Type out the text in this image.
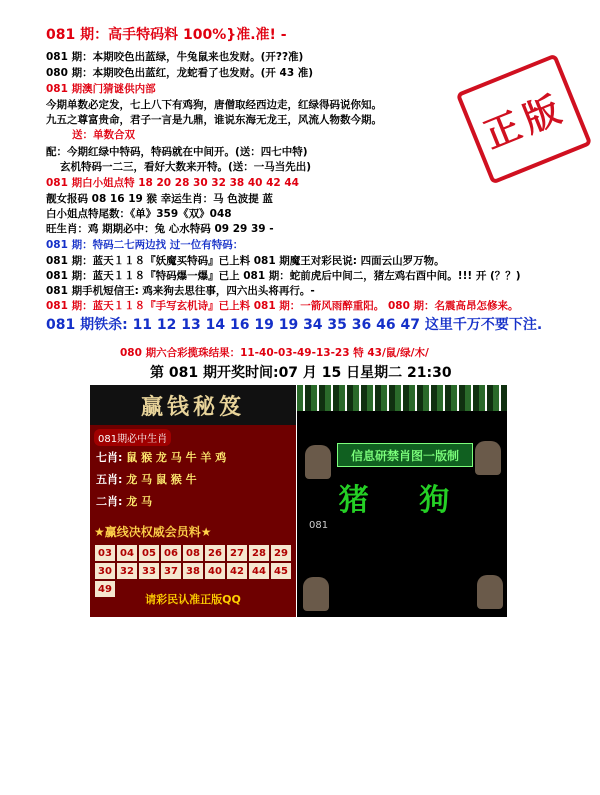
081 期：高手特码料 100%}准.准! -
081 期：本期咬色出蓝绿，牛兔鼠来也发财。(开??准)
080 期：本期咬色出蓝红，龙蛇看了也发财。(开 43 准)
081 期澳门猜谜供内部
今期单数必定发，七上八下有鸡狗，唐僧取经西边走，红绿得码说你知。
九五之尊富贵命，君子一言是九鼎，谁说东海无龙王，风流人物数今期。
送：单数合双
配：今期红绿中特码，特码就在中间开。(送：四七中特)
玄机特码一二三，看好大数来开特。(送：一马当先出)
081 期白小姐点特 18 20 28 30 32 38 40 42 44
靓女报码 08 16 19 猴 幸运生肖：马 色波提 蓝
白小姐点特尾数：《单》359《双》048
旺生肖：鸡 期期必中：兔 心水特码 09 29 39 -
081 期：特码二七两边找 过一位有特码：
081 期：蓝天１１８『妖魔买特码』已上料 081 期魔王对彩民说: 四面云山罗万物。
081 期：蓝天１１８『特码爆一爆』已上 081 期：蛇前虎后中间二，猪左鸡右酉中间。!!! 开 (？？)
081 期手机短信王: 鸡来狗去思往事，四六出头将再行。-
081 期：蓝天１１８『手写玄机诗』已上料 081 期：一箭风雨醉重阳。 080 期：名震高昂怎修来。
081 期铁杀: 11 12 13 14 16 19 19 34 35 36 46 47 这里千万不要下注.
080 期六合彩揽珠结果：11-40-03-49-13-23 特 43/鼠/绿/木/
第 081 期开奖时间:07 月 15 日星期二 21:30
正版
赢钱秘笈
081期必中生肖
七肖: 鼠 猴 龙 马 牛 羊 鸡
五肖: 龙 马 鼠 猴 牛
二肖: 龙 马
★赢线决权威会员料★
03 04 05 06 08 26 27 28 29
30 32 33 37 38 40 42 44 45
49
请彩民认准正版QQ
信息研禁肖图一版制
猪 狗
081
